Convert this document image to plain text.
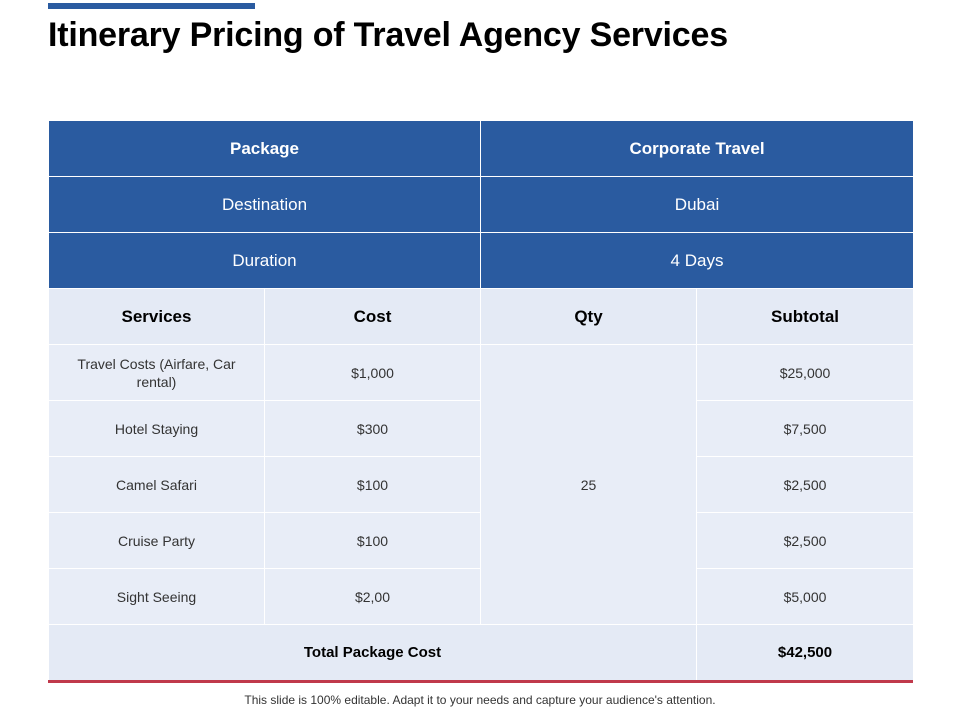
Itinerary Pricing of Travel Agency Services
Package		Corporate Travel	
Destination		Dubai	
Duration		4 Days	
Services	Cost	Qty	Subtotal
Travel Costs (Airfare, Car rental)	$1,000	25	$25,000
Hotel Staying	$300		$7,500
Camel Safari	$100		$2,500
Cruise Party	$100		$2,500
Sight Seeing	$2,00		$5,000
Total Package Cost			$42,500
This slide is 100% editable. Adapt it to your needs and capture your audience's attention.
